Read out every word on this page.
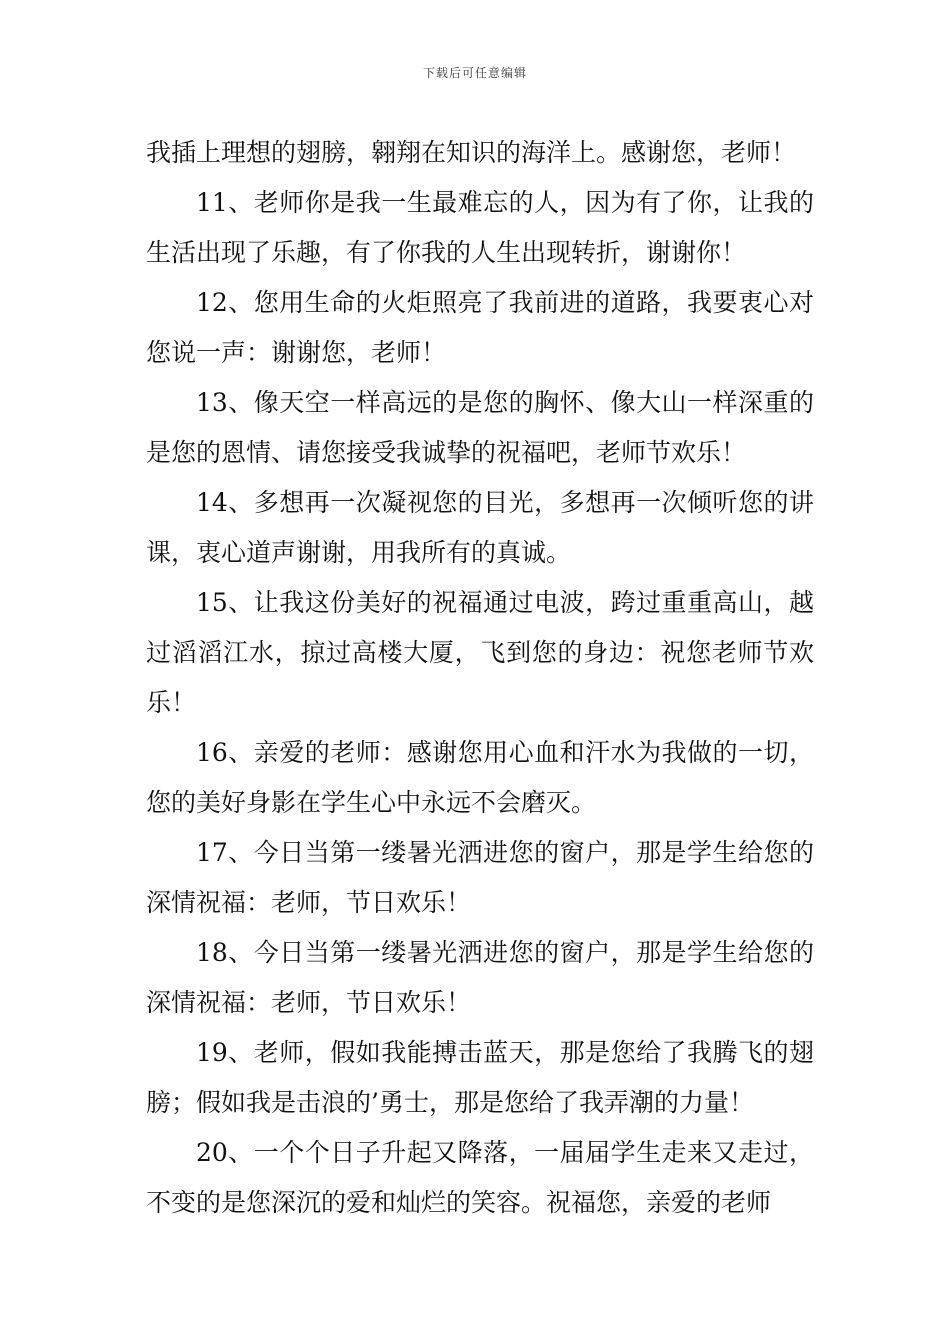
下载后可任意编辑

我插上理想的翅膀，翱翔在知识的海洋上。感谢您，老师！

11、老师你是我一生最难忘的人，因为有了你，让我的生活出现了乐趣，有了你我的人生出现转折，谢谢你！

12、您用生命的火炬照亮了我前进的道路，我要衷心对您说一声：谢谢您，老师！

13、像天空一样高远的是您的胸怀、像大山一样深重的是您的恩情、请您接受我诚挚的祝福吧，老师节欢乐！

14、多想再一次凝视您的目光，多想再一次倾听您的讲课，衷心道声谢谢，用我所有的真诚。

15、让我这份美好的祝福通过电波，跨过重重高山，越过滔滔江水，掠过高楼大厦，飞到您的身边：祝您老师节欢乐！

16、亲爱的老师：感谢您用心血和汗水为我做的一切，您的美好身影在学生心中永远不会磨灭。

17、今日当第一缕暑光洒进您的窗户，那是学生给您的深情祝福：老师，节日欢乐！

18、今日当第一缕暑光洒进您的窗户，那是学生给您的深情祝福：老师，节日欢乐！

19、老师，假如我能搏击蓝天，那是您给了我腾飞的翅膀；假如我是击浪的’勇士，那是您给了我弄潮的力量！

20、一个个日子升起又降落，一届届学生走来又走过，不变的是您深沉的爱和灿烂的笑容。祝福您，亲爱的老师
